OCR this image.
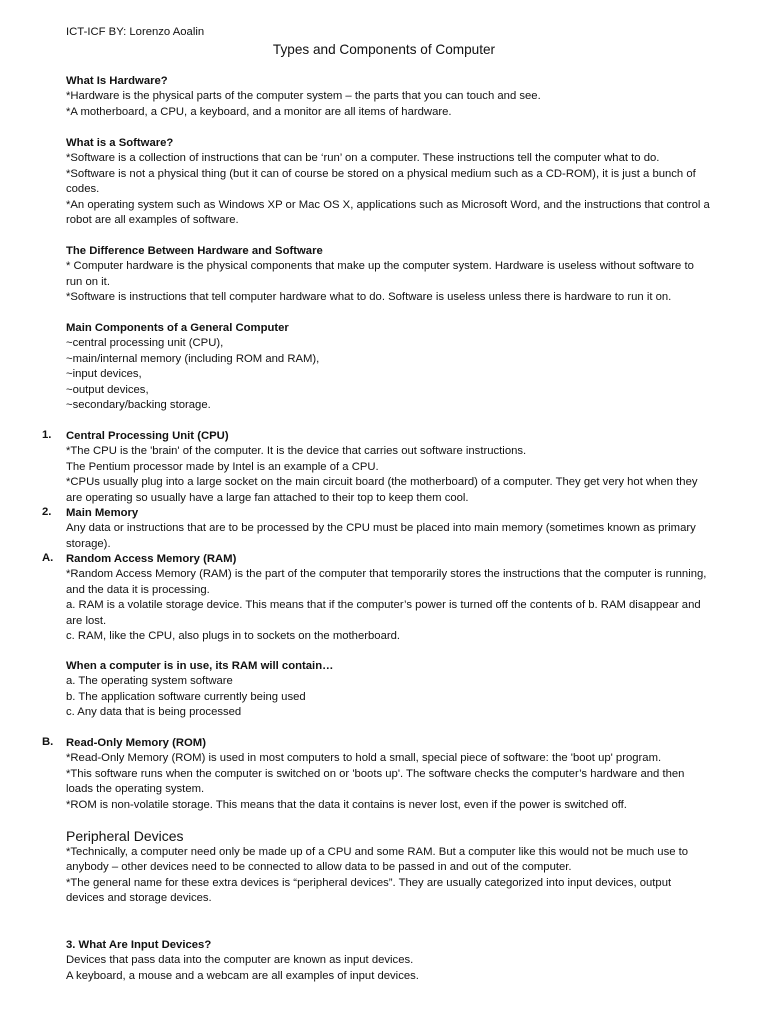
ICT-ICF BY: Lorenzo Aoalin
Types and Components of Computer
What Is Hardware?
*Hardware is the physical parts of the computer system – the parts that you can touch and see.
*A motherboard, a CPU, a keyboard, and a monitor are all items of hardware.
What is a Software?
*Software is a collection of instructions that can be ‘run’ on a computer. These instructions tell the computer what to do.
*Software is not a physical thing (but it can of course be stored on a physical medium such as a CD-ROM), it is just a bunch of
codes.
*An operating system such as Windows XP or Mac OS X, applications such as Microsoft Word, and the instructions that control a
robot are all examples of software.
The Difference Between Hardware and Software
* Computer hardware is the physical components that make up the computer system. Hardware is useless without software to
run on it.
*Software is instructions that tell computer hardware what to do. Software is useless unless there is hardware to run it on.
Main Components of a General Computer
~central processing unit (CPU),
~main/internal memory (including ROM and RAM),
~input devices,
~output devices,
~secondary/backing storage.
1. Central Processing Unit (CPU)
*The CPU is the 'brain' of the computer. It is the device that carries out software instructions.
The Pentium processor made by Intel is an example of a CPU.
*CPUs usually plug into a large socket on the main circuit board (the motherboard) of a computer. They get very hot when they
are operating so usually have a large fan attached to their top to keep them cool.
2. Main Memory
Any data or instructions that are to be processed by the CPU must be placed into main memory (sometimes known as primary
storage).
A. Random Access Memory (RAM)
*Random Access Memory (RAM) is the part of the computer that temporarily stores the instructions that the computer is running,
and the data it is processing.
a. RAM is a volatile storage device. This means that if the computer’s power is turned off the contents of b. RAM disappear and
are lost.
c. RAM, like the CPU, also plugs in to sockets on the motherboard.
When a computer is in use, its RAM will contain…
a. The operating system software
b. The application software currently being used
c. Any data that is being processed
B. Read-Only Memory (ROM)
*Read-Only Memory (ROM) is used in most computers to hold a small, special piece of software: the 'boot up' program.
*This software runs when the computer is switched on or 'boots up'. The software checks the computer’s hardware and then
loads the operating system.
*ROM is non-volatile storage. This means that the data it contains is never lost, even if the power is switched off.
Peripheral Devices
*Technically, a computer need only be made up of a CPU and some RAM. But a computer like this would not be much use to
anybody – other devices need to be connected to allow data to be passed in and out of the computer.
*The general name for these extra devices is “peripheral devices”. They are usually categorized into input devices, output
devices and storage devices.
3. What Are Input Devices?
Devices that pass data into the computer are known as input devices.
A keyboard, a mouse and a webcam are all examples of input devices.
